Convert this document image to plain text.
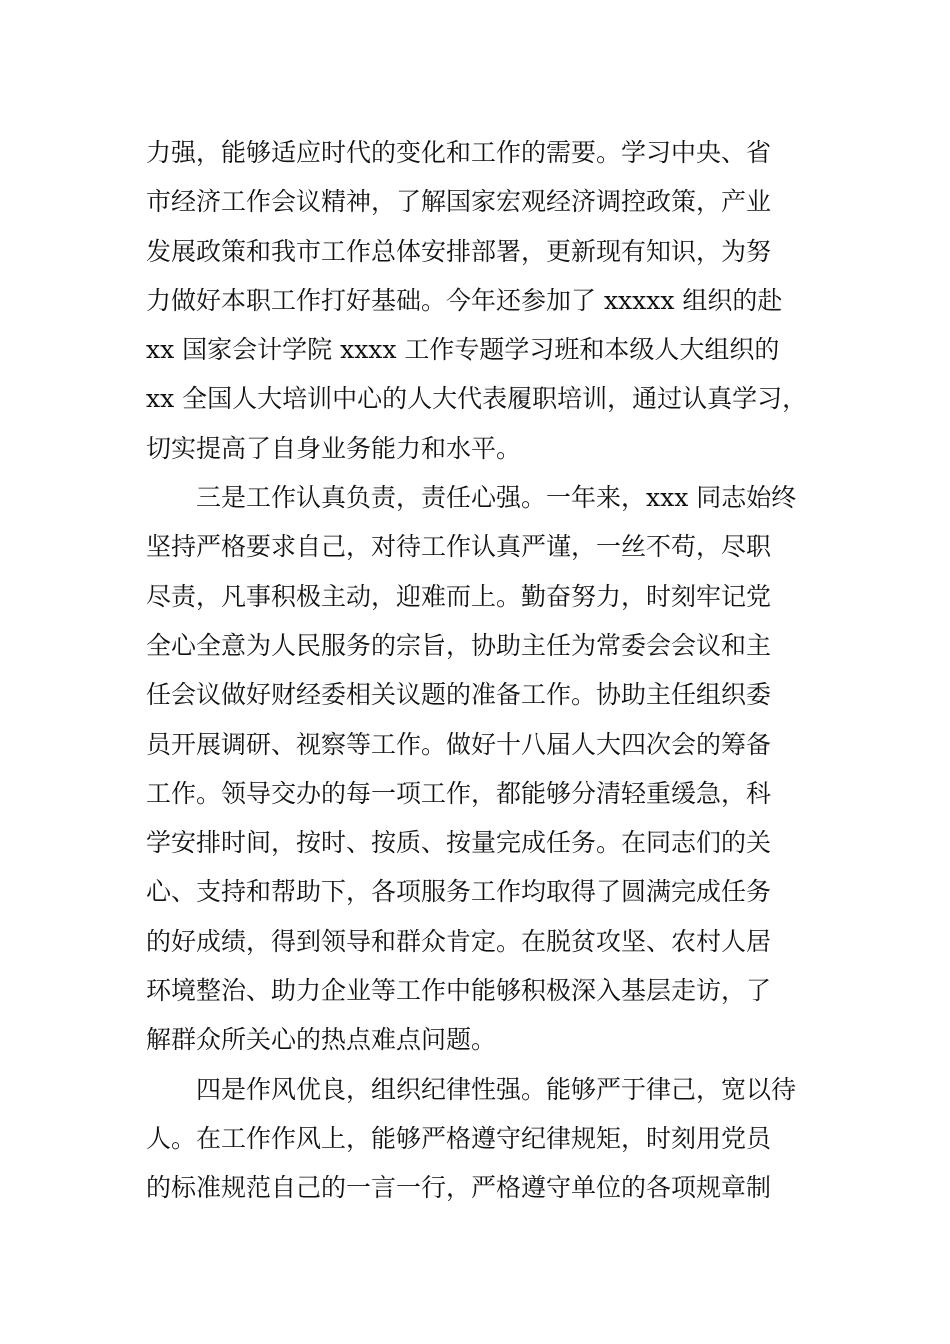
力强，能够适应时代的变化和工作的需要。学习中央、省
市经济工作会议精神，了解国家宏观经济调控政策，产业
发展政策和我市工作总体安排部署，更新现有知识，为努
力做好本职工作打好基础。今年还参加了 xxxxx 组织的赴
xx 国家会计学院 xxxx 工作专题学习班和本级人大组织的
xx 全国人大培训中心的人大代表履职培训，通过认真学习，
切实提高了自身业务能力和水平。
　　三是工作认真负责，责任心强。一年来，xxx 同志始终
坚持严格要求自己，对待工作认真严谨，一丝不苟，尽职
尽责，凡事积极主动，迎难而上。勤奋努力，时刻牢记党
全心全意为人民服务的宗旨，协助主任为常委会会议和主
任会议做好财经委相关议题的准备工作。协助主任组织委
员开展调研、视察等工作。做好十八届人大四次会的筹备
工作。领导交办的每一项工作，都能够分清轻重缓急，科
学安排时间，按时、按质、按量完成任务。在同志们的关
心、支持和帮助下，各项服务工作均取得了圆满完成任务
的好成绩，得到领导和群众肯定。在脱贫攻坚、农村人居
环境整治、助力企业等工作中能够积极深入基层走访，了
解群众所关心的热点难点问题。
　　四是作风优良，组织纪律性强。能够严于律己，宽以待
人。在工作作风上，能够严格遵守纪律规矩，时刻用党员
的标准规范自己的一言一行，严格遵守单位的各项规章制
